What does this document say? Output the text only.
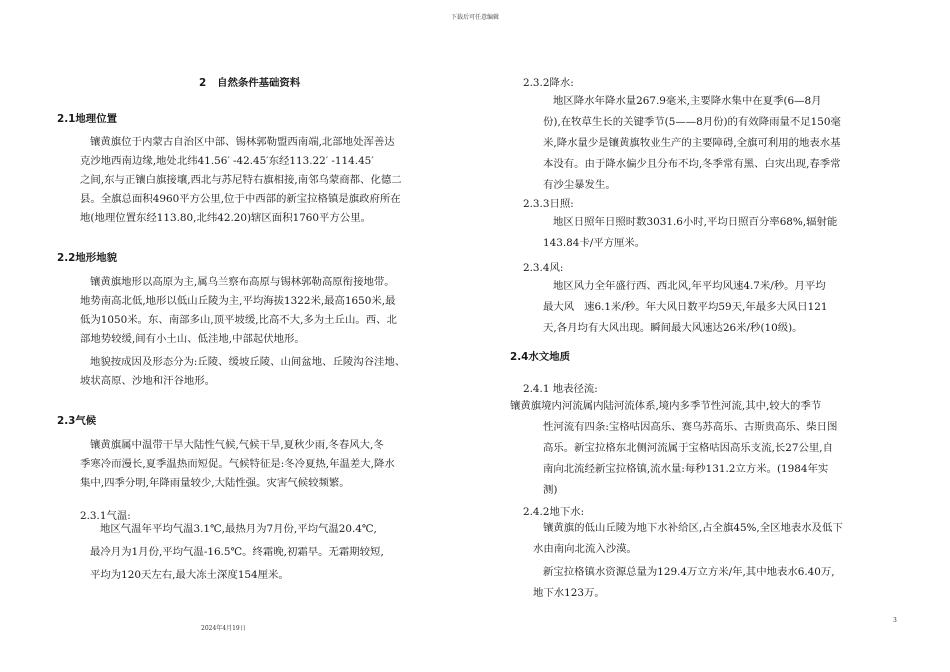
下载后可任意编辑
2   自然条件基础资料
2.1地理位置
镶黄旗位于内蒙古自治区中部、锡林郭勒盟西南端,北部地处浑善达
克沙地西南边缘,地处北纬41.56′ -42.45′东经113.22′ -114.45′
之间,东与正镶白旗接壤,西北与苏尼特右旗相接,南邻乌蒙商都、化德二
县。全旗总面积4960平方公里,位于中西部的新宝拉格镇是旗政府所在
地(地理位置东经113.80,北纬42.20)辖区面积1760平方公里。
2.2地形地貌
镶黄旗地形以高原为主,属乌兰察布高原与锡林郭勒高原衔接地带。
地势南高北低,地形以低山丘陵为主,平均海拔1322米,最高1650米,最
低为1050米。东、南部多山,顶平坡缓,比高不大,多为土丘山。西、北
部地势较缓,间有小土山、低洼地,中部起伏地形。
地貌按成因及形态分为:丘陵、缓坡丘陵、山间盆地、丘陵沟谷洼地、
坡状高原、沙地和汗谷地形。
2.3气候
镶黄旗属中温带干旱大陆性气候,气候干旱,夏秋少雨,冬春风大,冬
季寒冷而漫长,夏季温热而短促。气候特征是:冬冷夏热,年温差大,降水
集中,四季分明,年降雨量较少,大陆性强。灾害气候较频繁。
2.3.1气温:
地区气温年平均气温3.1℃,最热月为7月份,平均气温20.4℃,
最冷月为1月份,平均气温-16.5℃。终霜晚,初霜早。无霜期较短,
平均为120天左右,最大冻土深度154厘米。
2.3.2降水:
地区降水年降水量267.9毫米,主要降水集中在夏季(6—8月
份),在牧草生长的关键季节(5——8月份)的有效降雨量不足150毫
米,降水量少是镶黄旗牧业生产的主要障碍,全旗可利用的地表水基
本没有。由于降水偏少且分布不均,冬季常有黑、白灾出现,春季常
有沙尘暴发生。
2.3.3日照:
地区日照年日照时数3031.6小时,平均日照百分率68%,辐射能
143.84卡/平方厘米。
2.3.4风:
地区风力全年盛行西、西北风,年平均风速4.7米/秒。月平均
最大风   速6.1米/秒。年大风日数平均59天,年最多大风日121
天,各月均有大风出现。瞬间最大风速达26米/秒(10级)。
2.4水文地质
2.4.1 地表径流:
镶黄旗境内河流属内陆河流体系,境内多季节性河流,其中,较大的季节
性河流有四条:宝格咕因高乐、赛乌苏高乐、古斯贵高乐、柴日图
高乐。新宝拉格东北侧河流属于宝格咕因高乐支流,长27公里,自
南向北流经新宝拉格镇,流水量:每秒131.2立方米。(1984年实
测)
2.4.2地下水:
镶黄旗的低山丘陵为地下水补给区,占全旗45%,全区地表水及低下
水由南向北流入沙漠。
新宝拉格镇水资源总量为129.4万立方米/年,其中地表水6.40万,
地下水123万。
2024年4月19日
3
